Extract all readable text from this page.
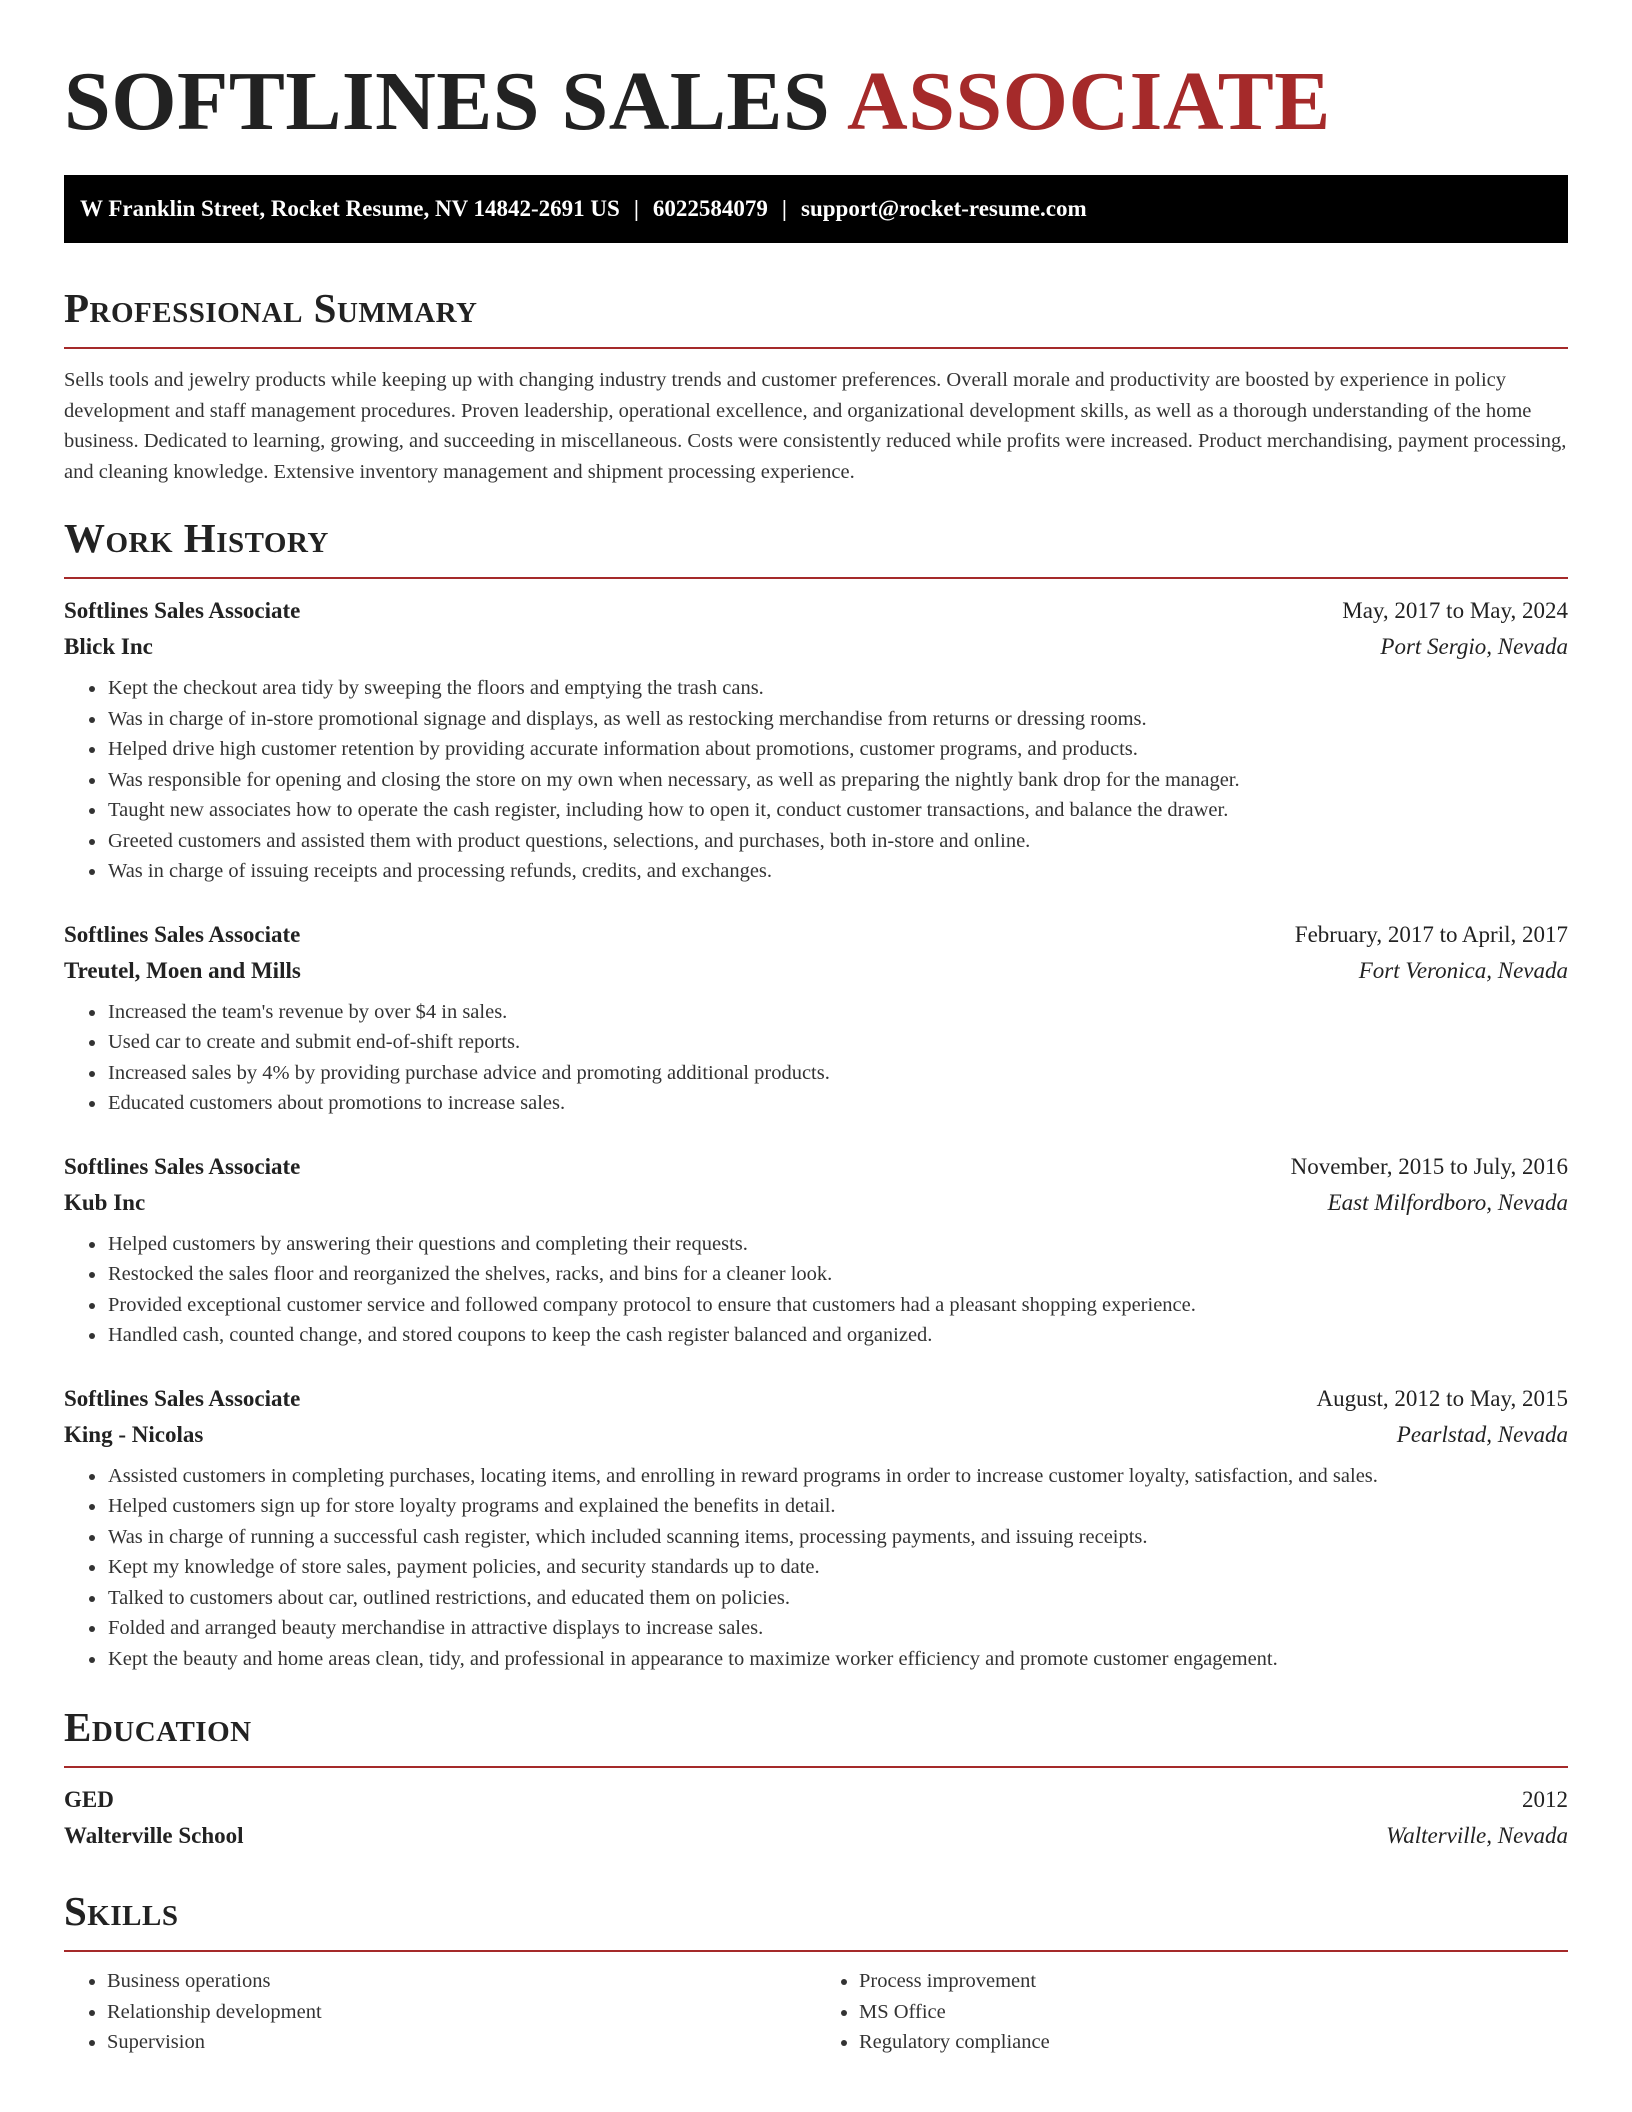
SOFTLINES SALES ASSOCIATE
W Franklin Street, Rocket Resume, NV 14842-2691 US | 6022584079 | support@rocket-resume.com
Professional Summary

Sells tools and jewelry products while keeping up with changing industry trends and customer preferences. Overall morale and productivity are boosted by experience in policy development and staff management procedures. Proven leadership, operational excellence, and organizational development skills, as well as a thorough understanding of the home business. Dedicated to learning, growing, and succeeding in miscellaneous. Costs were consistently reduced while profits were increased. Product merchandising, payment processing, and cleaning knowledge. Extensive inventory management and shipment processing experience.

Work History
Softlines Sales Associate	May, 2017 to May, 2024
Blick Inc	Port Sergio, Nevada
• Kept the checkout area tidy by sweeping the floors and emptying the trash cans.
• Was in charge of in-store promotional signage and displays, as well as restocking merchandise from returns or dressing rooms.
• Helped drive high customer retention by providing accurate information about promotions, customer programs, and products.
• Was responsible for opening and closing the store on my own when necessary, as well as preparing the nightly bank drop for the manager.
• Taught new associates how to operate the cash register, including how to open it, conduct customer transactions, and balance the drawer.
• Greeted customers and assisted them with product questions, selections, and purchases, both in-store and online.
• Was in charge of issuing receipts and processing refunds, credits, and exchanges.
Softlines Sales Associate	February, 2017 to April, 2017
Treutel, Moen and Mills	Fort Veronica, Nevada
• Increased the team's revenue by over $4 in sales.
• Used car to create and submit end-of-shift reports.
• Increased sales by 4% by providing purchase advice and promoting additional products.
• Educated customers about promotions to increase sales.
Softlines Sales Associate	November, 2015 to July, 2016
Kub Inc	East Milfordboro, Nevada
• Helped customers by answering their questions and completing their requests.
• Restocked the sales floor and reorganized the shelves, racks, and bins for a cleaner look.
• Provided exceptional customer service and followed company protocol to ensure that customers had a pleasant shopping experience.
• Handled cash, counted change, and stored coupons to keep the cash register balanced and organized.
Softlines Sales Associate	August, 2012 to May, 2015
King - Nicolas	Pearlstad, Nevada
• Assisted customers in completing purchases, locating items, and enrolling in reward programs in order to increase customer loyalty, satisfaction, and sales.
• Helped customers sign up for store loyalty programs and explained the benefits in detail.
• Was in charge of running a successful cash register, which included scanning items, processing payments, and issuing receipts.
• Kept my knowledge of store sales, payment policies, and security standards up to date.
• Talked to customers about car, outlined restrictions, and educated them on policies.
• Folded and arranged beauty merchandise in attractive displays to increase sales.
• Kept the beauty and home areas clean, tidy, and professional in appearance to maximize worker efficiency and promote customer engagement.
Education
GED	2012
Walterville School	Walterville, Nevada
Skills
• Business operations
• Relationship development
• Supervision
• Process improvement
• MS Office
• Regulatory compliance
